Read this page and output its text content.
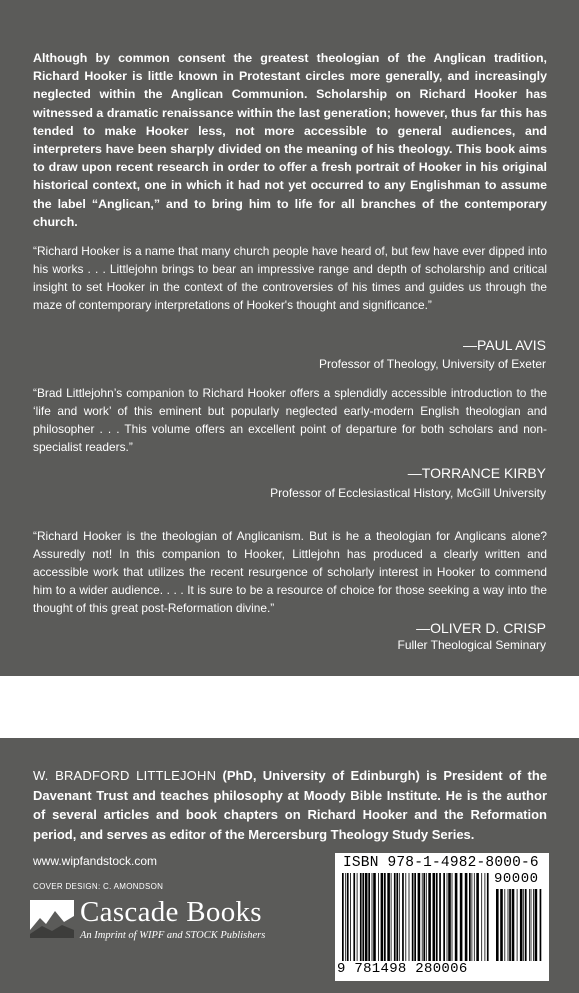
Although by common consent the greatest theologian of the Anglican tradition, Richard Hooker is little known in Protestant circles more generally, and increasingly neglected within the Anglican Communion. Scholarship on Richard Hooker has witnessed a dramatic renaissance within the last generation; however, thus far this has tended to make Hooker less, not more accessible to general audiences, and interpreters have been sharply divided on the meaning of his theology. This book aims to draw upon recent research in order to offer a fresh portrait of Hooker in his original historical context, one in which it had not yet occurred to any Englishman to assume the label “Anglican,” and to bring him to life for all branches of the contemporary church.

“Richard Hooker is a name that many church people have heard of, but few have ever dipped into his works . . . Littlejohn brings to bear an impressive range and depth of scholarship and critical insight to set Hooker in the context of the controversies of his times and guides us through the maze of contemporary interpretations of Hooker's thought and significance.”

—PAUL AVIS
Professor of Theology, University of Exeter

“Brad Littlejohn’s companion to Richard Hooker offers a splendidly accessible introduction to the ‘life and work’ of this eminent but popularly neglected early-modern English theologian and philosopher . . . This volume offers an excellent point of departure for both scholars and non-specialist readers.”

—TORRANCE KIRBY
Professor of Ecclesiastical History, McGill University

“Richard Hooker is the theologian of Anglicanism. But is he a theologian for Anglicans alone? Assuredly not! In this companion to Hooker, Littlejohn has produced a clearly written and accessible work that utilizes the recent resurgence of scholarly interest in Hooker to commend him to a wider audience. . . . It is sure to be a resource of choice for those seeking a way into the thought of this great post-Reformation divine.”

—OLIVER D. CRISP
Fuller Theological Seminary

W. BRADFORD LITTLEJOHN (PhD, University of Edinburgh) is President of the Davenant Trust and teaches philosophy at Moody Bible Institute. He is the author of several articles and book chapters on Richard Hooker and the Reformation period, and serves as editor of the Mercersburg Theology Study Series.

www.wipfandstock.com
COVER DESIGN: C. AMONDSON
Cascade Books
An Imprint of WIPF and STOCK Publishers
ISBN 978-1-4982-8000-6
90000
9 781498 280006
